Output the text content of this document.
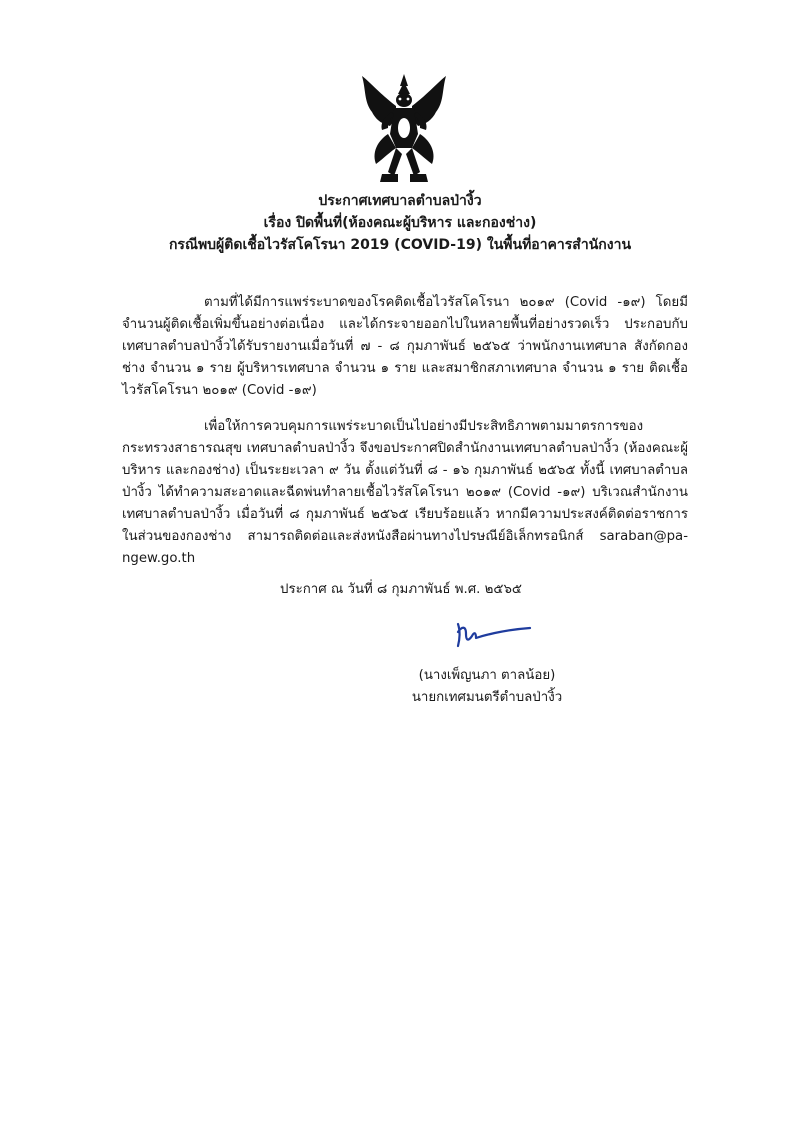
ประกาศเทศบาลตำบลป่างิ้ว
เรื่อง ปิดพื้นที่(ห้องคณะผู้บริหาร และกองช่าง)
กรณีพบผู้ติดเชื้อไวรัสโคโรนา 2019 (COVID-19) ในพื้นที่อาคารสำนักงาน

ตามที่ได้มีการแพร่ระบาดของโรคติดเชื้อไวรัสโคโรนา ๒๐๑๙ (Covid -๑๙) โดยมีจำนวนผู้ติดเชื้อเพิ่มขึ้นอย่างต่อเนื่อง และได้กระจายออกไปในหลายพื้นที่อย่างรวดเร็ว ประกอบกับเทศบาลตำบลป่างิ้วได้รับรายงานเมื่อวันที่ ๗ - ๘ กุมภาพันธ์ ๒๕๖๕ ว่าพนักงานเทศบาล สังกัดกองช่าง จำนวน ๑ ราย ผู้บริหารเทศบาล จำนวน ๑ ราย และสมาชิกสภาเทศบาล จำนวน ๑ ราย ติดเชื้อไวรัสโคโรนา ๒๐๑๙ (Covid -๑๙)

เพื่อให้การควบคุมการแพร่ระบาดเป็นไปอย่างมีประสิทธิภาพตามมาตรการของกระทรวงสาธารณสุข เทศบาลตำบลป่างิ้ว จึงขอประกาศปิดสำนักงานเทศบาลตำบลป่างิ้ว (ห้องคณะผู้บริหาร และกองช่าง) เป็นระยะเวลา ๙ วัน ตั้งแต่วันที่ ๘ - ๑๖ กุมภาพันธ์ ๒๕๖๕ ทั้งนี้ เทศบาลตำบลป่างิ้ว ได้ทำความสะอาดและฉีดพ่นทำลายเชื้อไวรัสโคโรนา ๒๐๑๙ (Covid -๑๙) บริเวณสำนักงานเทศบาลตำบลป่างิ้ว เมื่อวันที่ ๘ กุมภาพันธ์ ๒๕๖๕ เรียบร้อยแล้ว หากมีความประสงค์ติดต่อราชการในส่วนของกองช่าง สามารถติดต่อและส่งหนังสือผ่านทางไปรษณีย์อิเล็กทรอนิกส์ saraban@pa-ngew.go.th

ประกาศ ณ วันที่ ๘ กุมภาพันธ์ พ.ศ. ๒๕๖๕
(นางเพ็ญนภา ตาลน้อย)
นายกเทศมนตรีตำบลป่างิ้ว
